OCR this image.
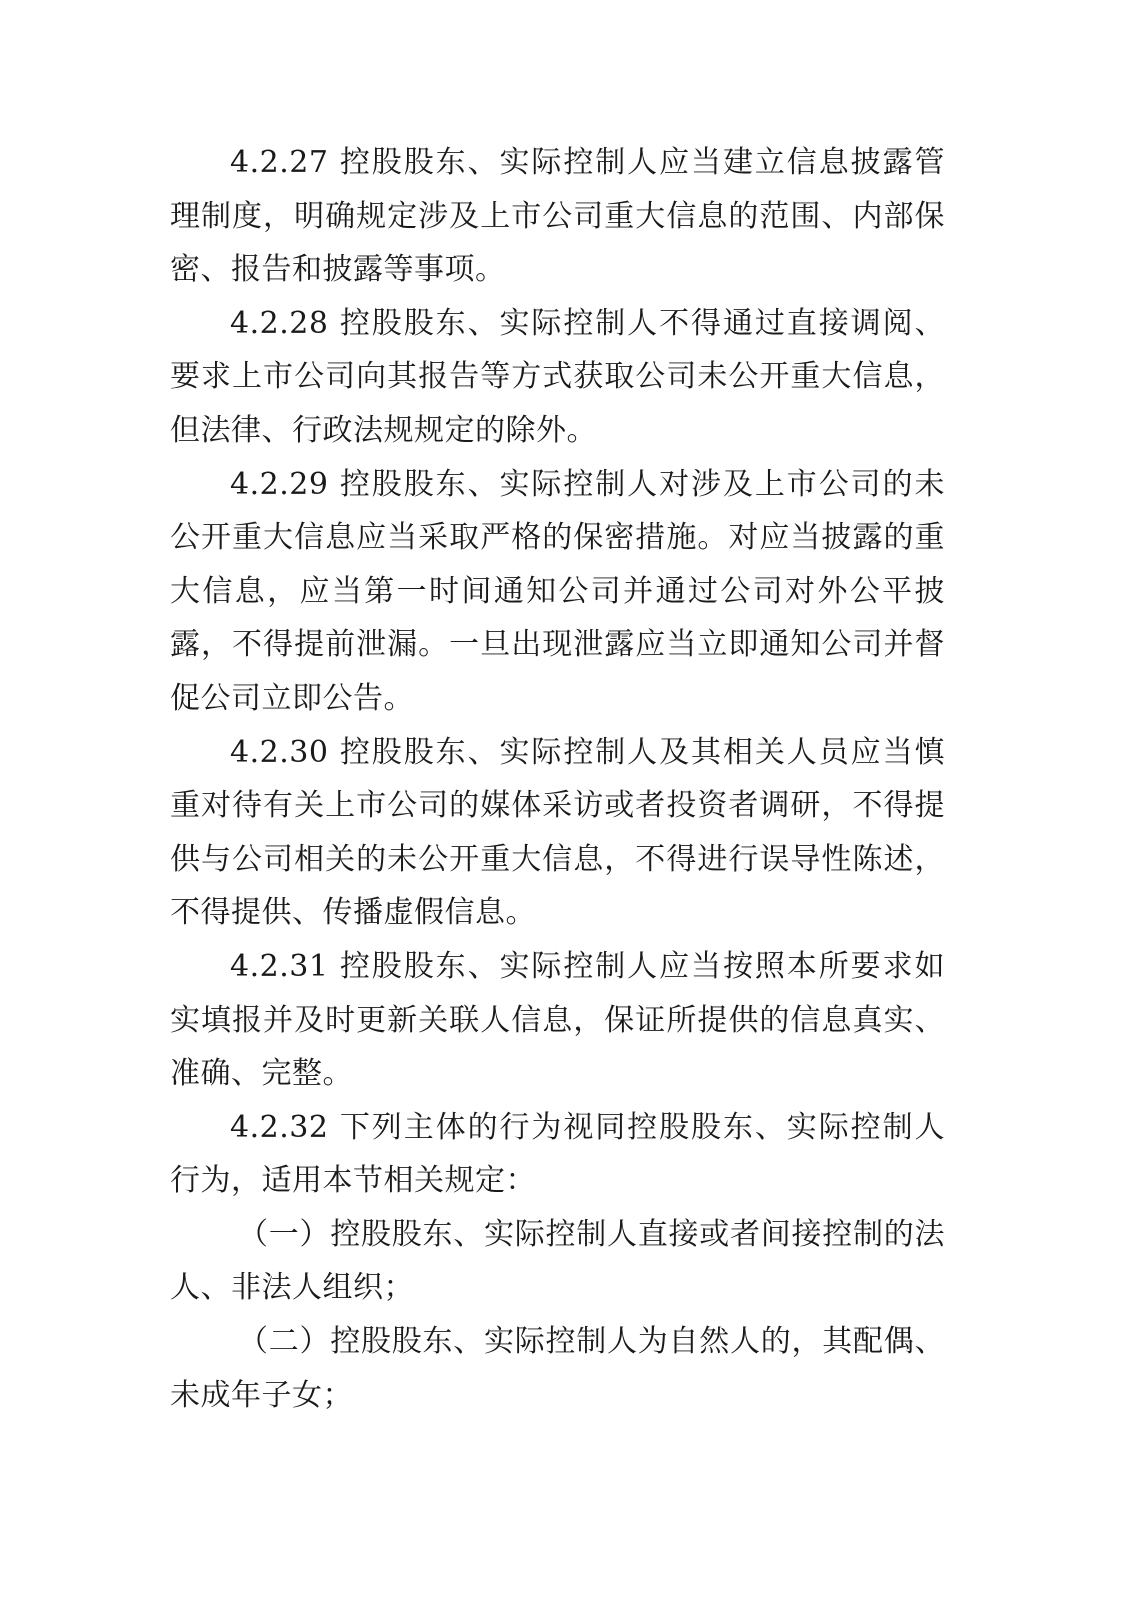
4.2.27 控股股东、实际控制人应当建立信息披露管理制度，明确规定涉及上市公司重大信息的范围、内部保密、报告和披露等事项。

4.2.28 控股股东、实际控制人不得通过直接调阅、要求上市公司向其报告等方式获取公司未公开重大信息，但法律、行政法规规定的除外。

4.2.29 控股股东、实际控制人对涉及上市公司的未公开重大信息应当采取严格的保密措施。对应当披露的重大信息，应当第一时间通知公司并通过公司对外公平披露，不得提前泄漏。一旦出现泄露应当立即通知公司并督促公司立即公告。

4.2.30 控股股东、实际控制人及其相关人员应当慎重对待有关上市公司的媒体采访或者投资者调研，不得提供与公司相关的未公开重大信息，不得进行误导性陈述，不得提供、传播虚假信息。

4.2.31 控股股东、实际控制人应当按照本所要求如实填报并及时更新关联人信息，保证所提供的信息真实、准确、完整。

4.2.32 下列主体的行为视同控股股东、实际控制人行为，适用本节相关规定：

（一）控股股东、实际控制人直接或者间接控制的法人、非法人组织；

（二）控股股东、实际控制人为自然人的，其配偶、未成年子女；
